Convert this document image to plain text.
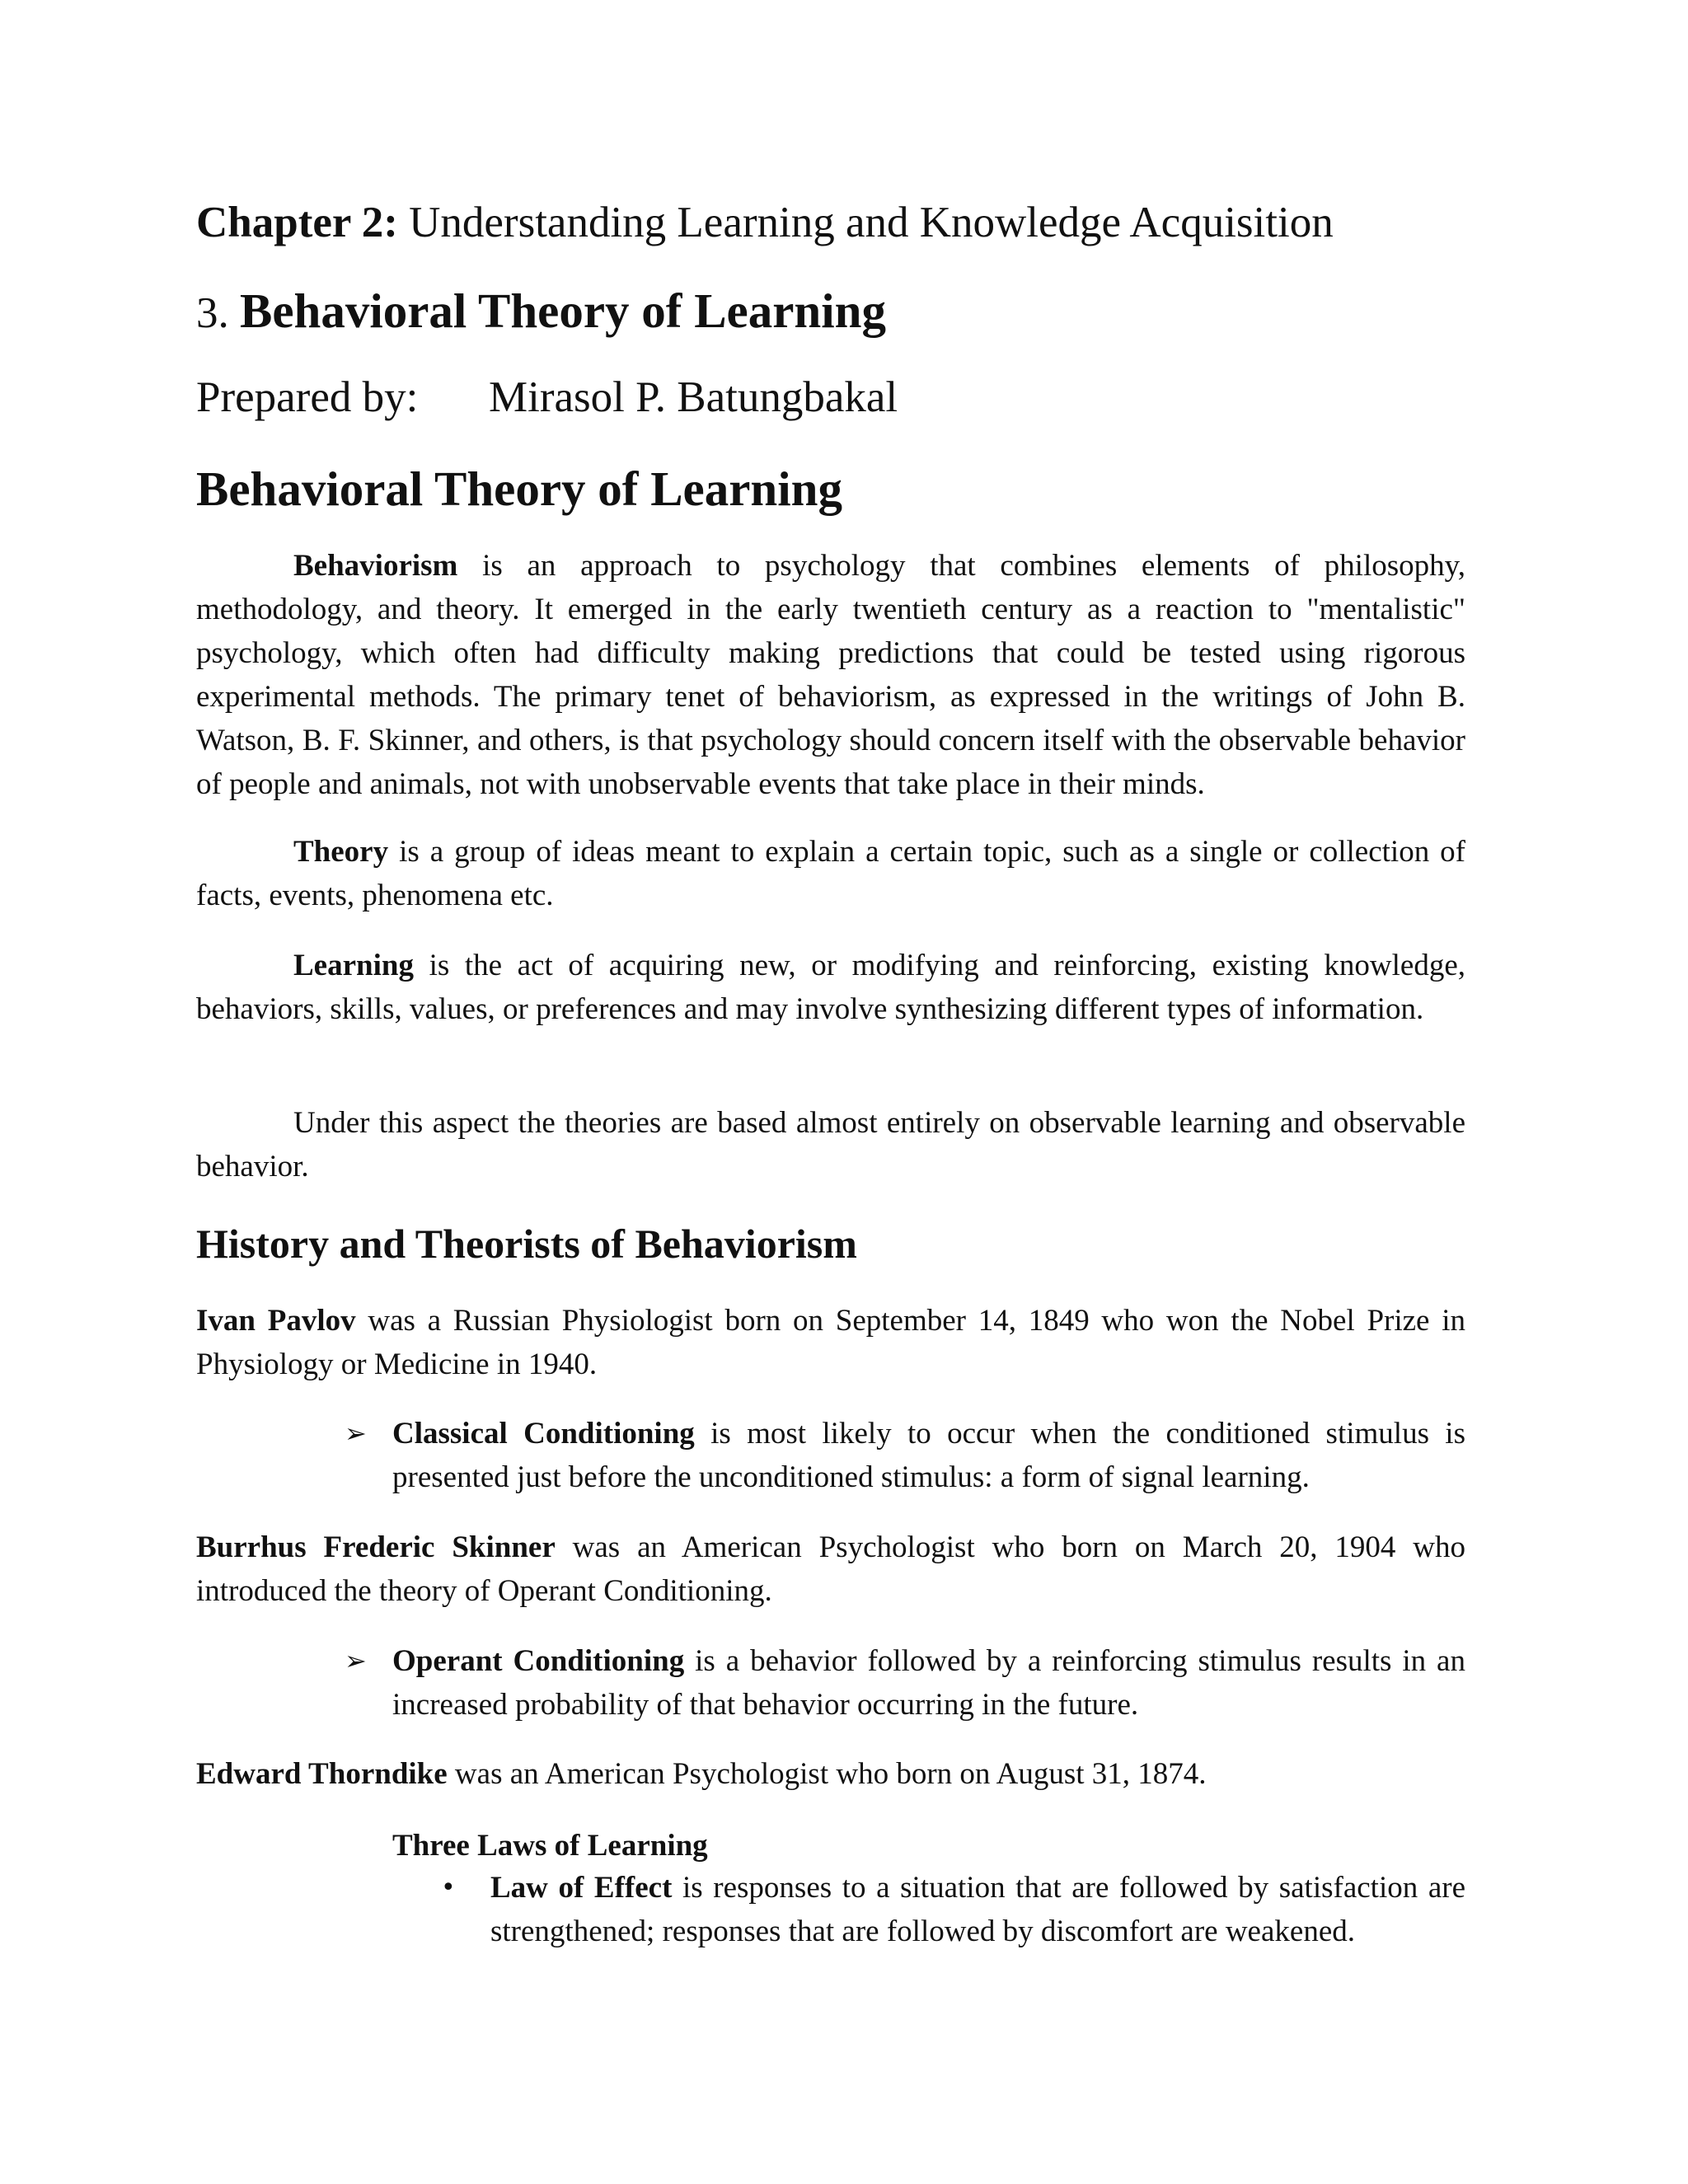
Chapter 2: Understanding Learning and Knowledge Acquisition
3. Behavioral Theory of Learning
Prepared by: Mirasol P. Batungbakal
Behavioral Theory of Learning

Behaviorism is an approach to psychology that combines elements of philosophy, methodology, and theory. It emerged in the early twentieth century as a reaction to "mentalistic" psychology, which often had difficulty making predictions that could be tested using rigorous experimental methods. The primary tenet of behaviorism, as expressed in the writings of John B. Watson, B. F. Skinner, and others, is that psychology should concern itself with the observable behavior of people and animals, not with unobservable events that take place in their minds.

Theory is a group of ideas meant to explain a certain topic, such as a single or collection of facts, events, phenomena etc.

Learning is the act of acquiring new, or modifying and reinforcing, existing knowledge, behaviors, skills, values, or preferences and may involve synthesizing different types of information.

Under this aspect the theories are based almost entirely on observable learning and observable behavior.

History and Theorists of Behaviorism

Ivan Pavlov was a Russian Physiologist born on September 14, 1849 who won the Nobel Prize in Physiology or Medicine in 1940.

➢ Classical Conditioning is most likely to occur when the conditioned stimulus is presented just before the unconditioned stimulus: a form of signal learning.

Burrhus Frederic Skinner was an American Psychologist who born on March 20, 1904 who introduced the theory of Operant Conditioning.

➢ Operant Conditioning is a behavior followed by a reinforcing stimulus results in an increased probability of that behavior occurring in the future.

Edward Thorndike was an American Psychologist who born on August 31, 1874.

Three Laws of Learning

• Law of Effect is responses to a situation that are followed by satisfaction are strengthened; responses that are followed by discomfort are weakened.
